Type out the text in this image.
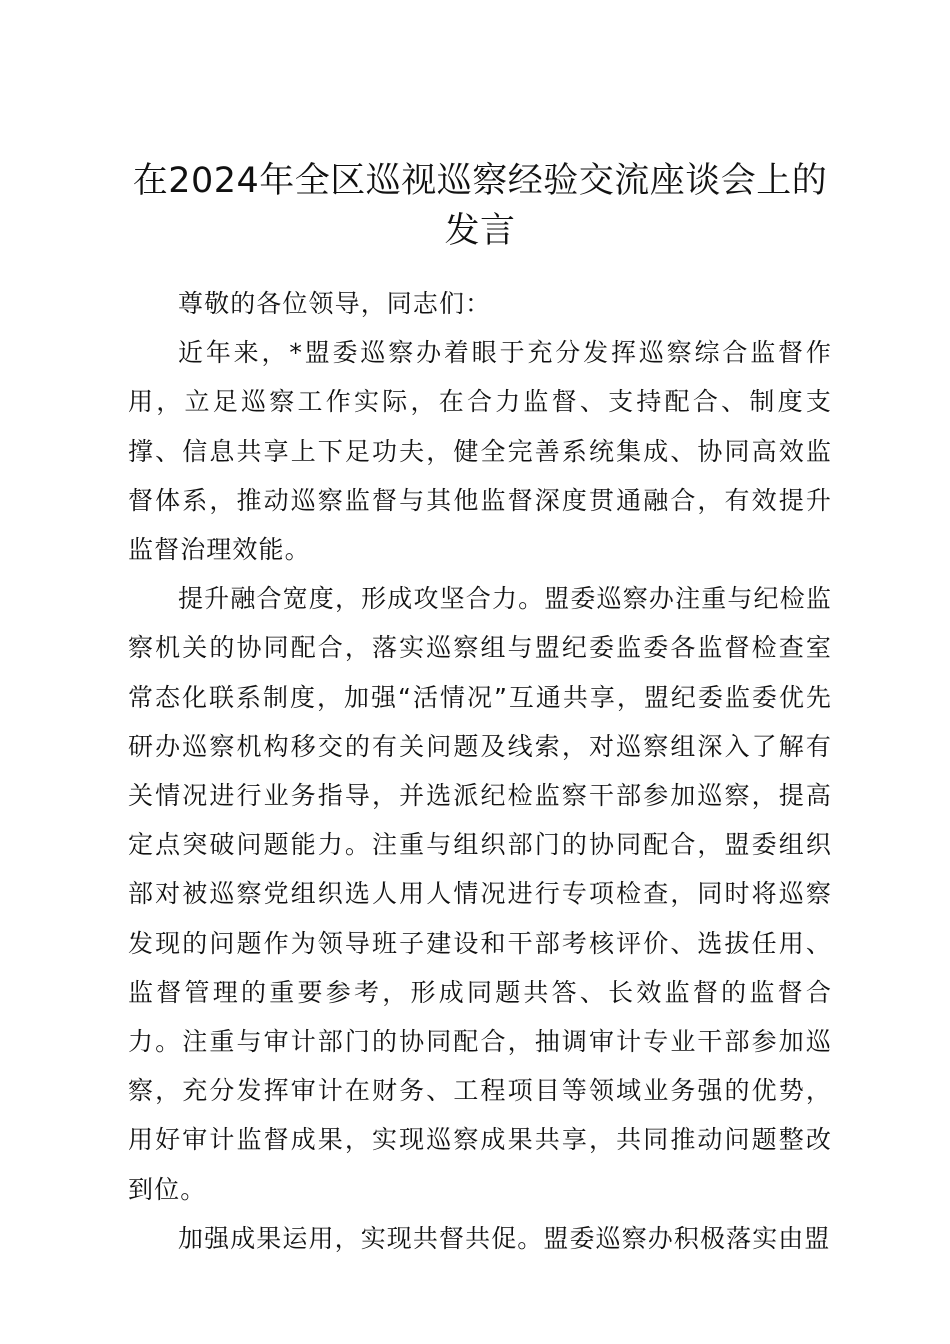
在2024年全区巡视巡察经验交流座谈会上的
发言

尊敬的各位领导，同志们：

近年来，*盟委巡察办着眼于充分发挥巡察综合监督作用，立足巡察工作实际，在合力监督、支持配合、制度支撑、信息共享上下足功夫，健全完善系统集成、协同高效监督体系，推动巡察监督与其他监督深度贯通融合，有效提升监督治理效能。

提升融合宽度，形成攻坚合力。盟委巡察办注重与纪检监察机关的协同配合，落实巡察组与盟纪委监委各监督检查室常态化联系制度，加强“活情况”互通共享，盟纪委监委优先研办巡察机构移交的有关问题及线索，对巡察组深入了解有关情况进行业务指导，并选派纪检监察干部参加巡察，提高定点突破问题能力。注重与组织部门的协同配合，盟委组织部对被巡察党组织选人用人情况进行专项检查，同时将巡察发现的问题作为领导班子建设和干部考核评价、选拔任用、监督管理的重要参考，形成同题共答、长效监督的监督合力。注重与审计部门的协同配合，抽调审计专业干部参加巡察，充分发挥审计在财务、工程项目等领域业务强的优势，用好审计监督成果，实现巡察成果共享，共同推动问题整改到位。

加强成果运用，实现共督共促。盟委巡察办积极落实由盟
